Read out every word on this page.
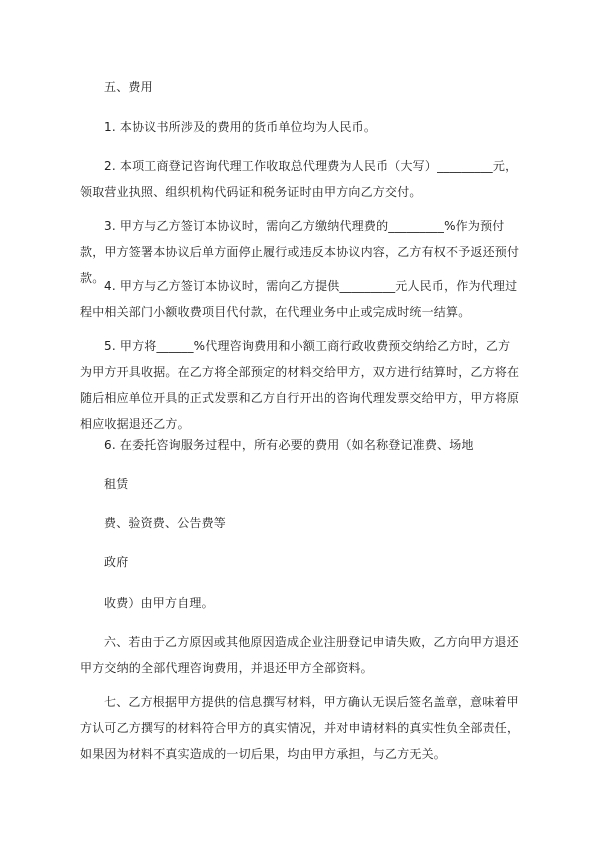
五、费用
1. 本协议书所涉及的费用的货币单位均为人民币。
2. 本项工商登记咨询代理工作收取总代理费为人民币（大写）_________元，领取营业执照、组织机构代码证和税务证时由甲方向乙方交付。
3. 甲方与乙方签订本协议时，需向乙方缴纳代理费的_________%作为预付款，甲方签署本协议后单方面停止履行或违反本协议内容，乙方有权不予返还预付款。
4. 甲方与乙方签订本协议时，需向乙方提供_________元人民币，作为代理过程中相关部门小额收费项目代付款，在代理业务中止或完成时统一结算。
5. 甲方将______%代理咨询费用和小额工商行政收费预交纳给乙方时，乙方为甲方开具收据。在乙方将全部预定的材料交给甲方，双方进行结算时，乙方将在随后相应单位开具的正式发票和乙方自行开出的咨询代理发票交给甲方，甲方将原相应收据退还乙方。
6. 在委托咨询服务过程中，所有必要的费用（如名称登记准费、场地
租赁
费、验资费、公告费等
政府
收费）由甲方自理。
六、若由于乙方原因或其他原因造成企业注册登记申请失败，乙方向甲方退还甲方交纳的全部代理咨询费用，并退还甲方全部资料。
七、乙方根据甲方提供的信息撰写材料，甲方确认无误后签名盖章，意味着甲方认可乙方撰写的材料符合甲方的真实情况，并对申请材料的真实性负全部责任，如果因为材料不真实造成的一切后果，均由甲方承担，与乙方无关。
